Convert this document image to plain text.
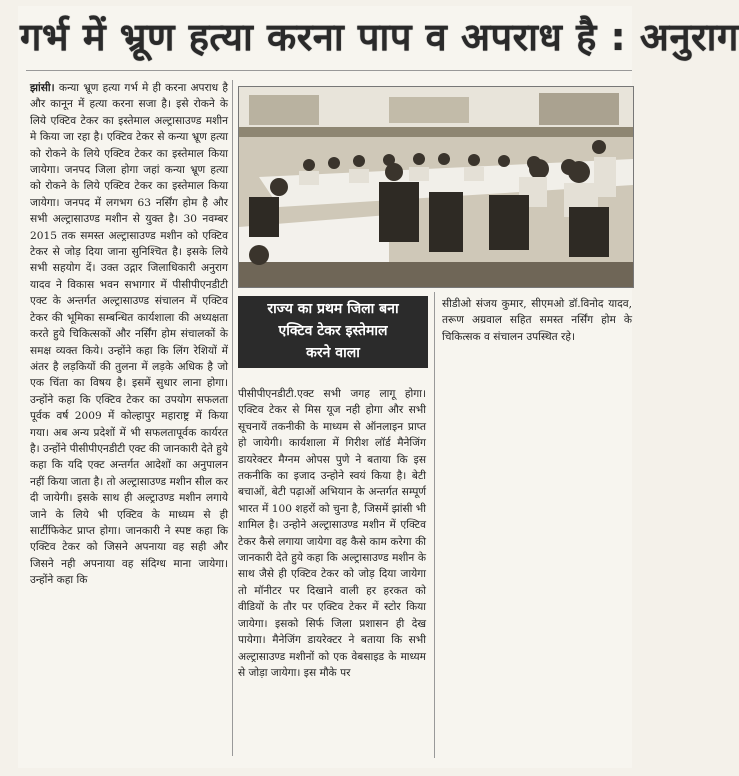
गर्भ में भ्रूण हत्या करना पाप व अपराध है : अनुराग

झांसी। कन्या भ्रूण हत्या गर्भ मे ही करना अपराध है और कानून में हत्या करना सजा है। इसे रोकने के लिये एक्टिव टेकर का इस्तेमाल अल्ट्रासाउण्ड मशीन मे किया जा रहा है। एक्टिव टेकर से कन्या भ्रूण हत्या को रोकने के लिये एक्टिव टेकर का इस्तेमाल किया जायेगा। जनपद जिला होगा जहां कन्या भ्रूण हत्या को रोकने के लिये एक्टिव टेकर का इस्तेमाल किया जायेगा। जनपद में लगभग 63 नर्सिंग होम है और सभी अल्ट्रासाउण्ड मशीन से युक्त है। 30 नवम्बर 2015 तक समस्त अल्ट्रासाउण्ड मशीन को एक्टिव टेकर से जोड़ दिया जाना सुनिश्चित है। इसके लिये सभी सहयोग दें। उक्त उद्गार जिलाधिकारी अनुराग यादव ने विकास भवन सभागार में पीसीपीएनडीटी एक्ट के अन्तर्गत अल्ट्रासाउण्ड संचालन में एक्टिव टेकर की भूमिका सम्बन्धित कार्यशाला की अध्यक्षता करते हुये चिकित्सकों और नर्सिंग होम संचालकों के समक्ष व्यक्त किये। उन्होंने कहा कि लिंग रेशियों में अंतर है लड़कियों की तुलना में लड़के अधिक है जो एक चिंता का विषय है। इसमें सुधार लाना होगा। उन्होंने कहा कि एक्टिव टेकर का उपयोग सफलता पूर्वक वर्ष 2009 में कोल्हापुर महाराष्ट्र में किया गया। अब अन्य प्रदेशों में भी सफलतापूर्वक कार्यरत है। उन्होंने पीसीपीएनडीटी एक्ट की जानकारी देते हुये कहा कि यदि एक्ट अन्तर्गत आदेशों का अनुपालन नहीं किया जाता है। तो अल्ट्रासाउण्ड मशीन सील कर दी जायेगी। इसके साथ ही अल्ट्राउण्ड मशीन लगाये जाने के लिये भी एक्टिव के माध्यम से ही सार्टीफिकेट प्राप्त होगा। जानकारी ने स्पष्ट कहा कि एक्टिव टेकर को जिसने अपनाया वह सही और जिसने नही अपनाया वह संदिग्ध माना जायेगा। उन्होंने कहा कि

राज्य का प्रथम जिला बना
एक्टिव टेकर इस्तेमाल
करने वाला

पीसीपीएनडीटी.एक्ट सभी जगह लागू होगा। एक्टिव टेकर से मिस यूज नही होगा और सभी सूचनायें तकनीकी के माध्यम से ऑनलाइन प्राप्त हो जायेगी। कार्यशाला में गिरीश लॉर्ड मैनेजिंग डायरेक्टर मैग्नम ओपस पुणे ने बताया कि इस तकनीकि का इजाद उन्होने स्वयं किया है। बेटी बचाओं, बेटी पढ़ाओं अभियान के अन्तर्गत सम्पूर्ण भारत में 100 शहरों को चुना है, जिसमें झांसी भी शामिल है। उन्होने अल्ट्रासाउण्ड मशीन में एक्टिव टेकर कैसे लगाया जायेगा वह कैसे काम करेगा की जानकारी देते हुये कहा कि अल्ट्रासाउण्ड मशीन के साथ जैसे ही एक्टिव टेकर को जोड़ दिया जायेगा तो मॉनीटर पर दिखाने वाली हर हरकत को वीडियों के तौर पर एक्टिव टेकर में स्टोर किया जायेगा। इसको सिर्फ जिला प्रशासन ही देख पायेगा। मैनेजिंग डायरेक्टर ने बताया कि सभी अल्ट्रासाउण्ड मशीनों को एक वेबसाइड के माध्यम से जोड़ा जायेगा। इस मौके पर

सीडीओ संजय कुमार, सीएमओ डॉ.विनोद यादव, तरूण अग्रवाल सहित समस्त नर्सिंग होम के चिकित्सक व संचालन उपस्थित रहे।
